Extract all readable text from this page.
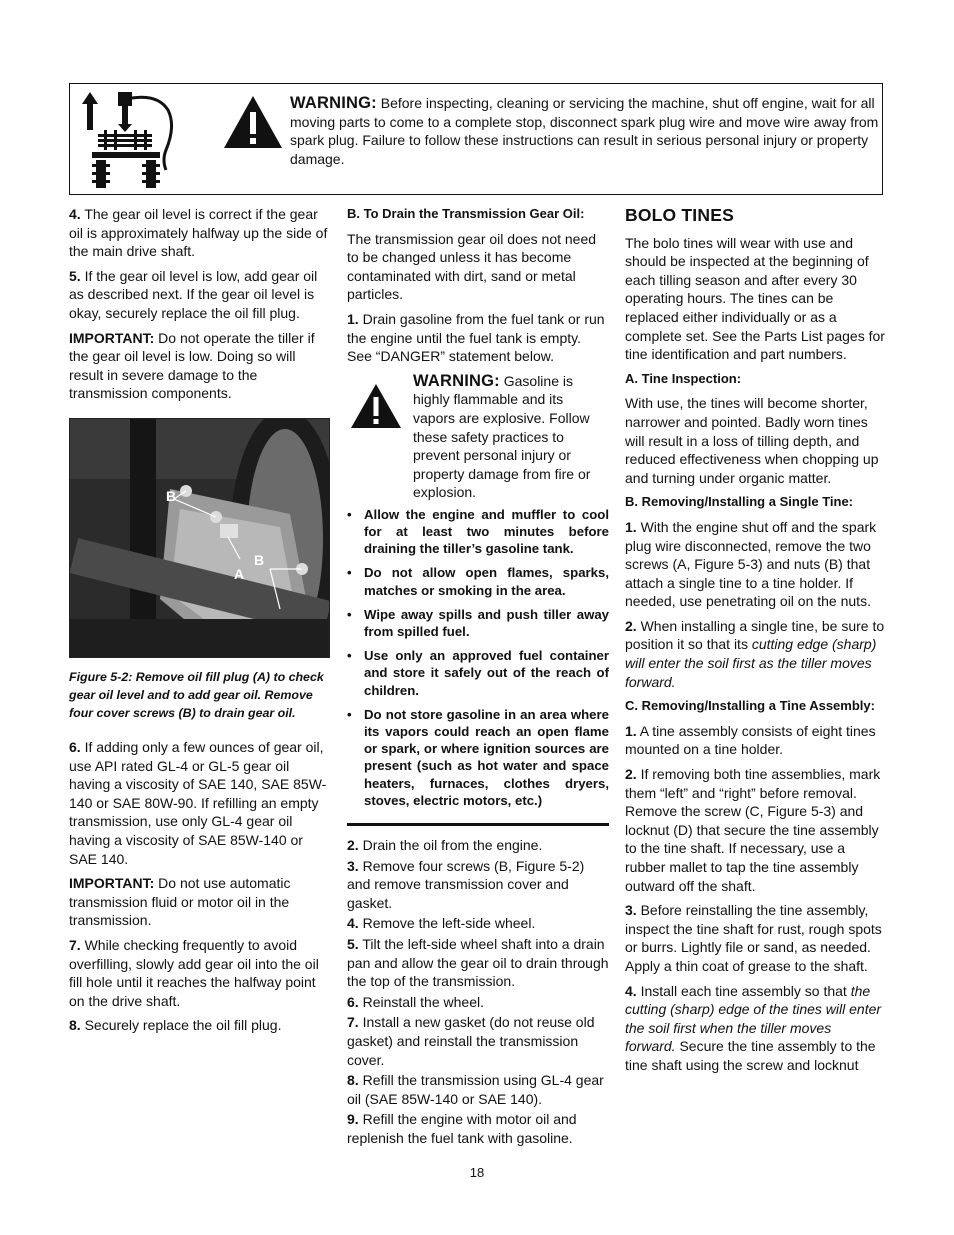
WARNING: Before inspecting, cleaning or servicing the machine, shut off engine, wait for all moving parts to come to a complete stop, disconnect spark plug wire and move wire away from spark plug. Failure to follow these instructions can result in serious personal injury or property damage.

4. The gear oil level is correct if the gear oil is approximately halfway up the side of the main drive shaft.

5. If the gear oil level is low, add gear oil as described next. If the gear oil level is okay, securely replace the oil fill plug.

IMPORTANT: Do not operate the tiller if the gear oil level is low. Doing so will result in severe damage to the transmission components.

B
B
A
Figure 5-2: Remove oil fill plug (A) to check gear oil level and to add gear oil. Remove four cover screws (B) to drain gear oil.

6. If adding only a few ounces of gear oil, use API rated GL-4 or GL-5 gear oil having a viscosity of SAE 140, SAE 85W-140 or SAE 80W-90. If refilling an empty transmission, use only GL-4 gear oil having a viscosity of SAE 85W-140 or SAE 140.

IMPORTANT: Do not use automatic transmission fluid or motor oil in the transmission.

7. While checking frequently to avoid overfilling, slowly add gear oil into the oil fill hole until it reaches the halfway point on the drive shaft.

8. Securely replace the oil fill plug.

B. To Drain the Transmission Gear Oil:

The transmission gear oil does not need to be changed unless it has become contaminated with dirt, sand or metal particles.

1. Drain gasoline from the fuel tank or run the engine until the fuel tank is empty. See “DANGER” statement below.

WARNING: Gasoline is highly flammable and its vapors are explosive. Follow these safety practices to prevent personal injury or property damage from fire or explosion.
• Allow the engine and muffler to cool for at least two minutes before draining the tiller’s gasoline tank.
• Do not allow open flames, sparks, matches or smoking in the area.
• Wipe away spills and push tiller away from spilled fuel.
• Use only an approved fuel container and store it safely out of the reach of children.
• Do not store gasoline in an area where its vapors could reach an open flame or spark, or where ignition sources are present (such as hot water and space heaters, furnaces, clothes dryers, stoves, electric motors, etc.)

2. Drain the oil from the engine.

3. Remove four screws (B, Figure 5-2) and remove transmission cover and gasket.

4. Remove the left-side wheel.

5. Tilt the left-side wheel shaft into a drain pan and allow the gear oil to drain through the top of the transmission.

6. Reinstall the wheel.

7. Install a new gasket (do not reuse old gasket) and reinstall the transmission cover.

8. Refill the transmission using GL-4 gear oil (SAE 85W-140 or SAE 140).

9. Refill the engine with motor oil and replenish the fuel tank with gasoline.

BOLO TINES

The bolo tines will wear with use and should be inspected at the beginning of each tilling season and after every 30 operating hours. The tines can be replaced either individually or as a complete set. See the Parts List pages for tine identification and part numbers.

A. Tine Inspection:

With use, the tines will become shorter, narrower and pointed. Badly worn tines will result in a loss of tilling depth, and reduced effectiveness when chopping up and turning under organic matter.

B. Removing/Installing a Single Tine:

1. With the engine shut off and the spark plug wire disconnected, remove the two screws (A, Figure 5-3) and nuts (B) that attach a single tine to a tine holder. If needed, use penetrating oil on the nuts.

2. When installing a single tine, be sure to position it so that its cutting edge (sharp) will enter the soil first as the tiller moves forward.

C. Removing/Installing a Tine Assembly:

1. A tine assembly consists of eight tines mounted on a tine holder.

2. If removing both tine assemblies, mark them “left” and “right” before removal. Remove the screw (C, Figure 5-3) and locknut (D) that secure the tine assembly to the tine shaft. If necessary, use a rubber mallet to tap the tine assembly outward off the shaft.

3. Before reinstalling the tine assembly, inspect the tine shaft for rust, rough spots or burrs. Lightly file or sand, as needed. Apply a thin coat of grease to the shaft.

4. Install each tine assembly so that the cutting (sharp) edge of the tines will enter the soil first when the tiller moves forward. Secure the tine assembly to the tine shaft using the screw and locknut

18
